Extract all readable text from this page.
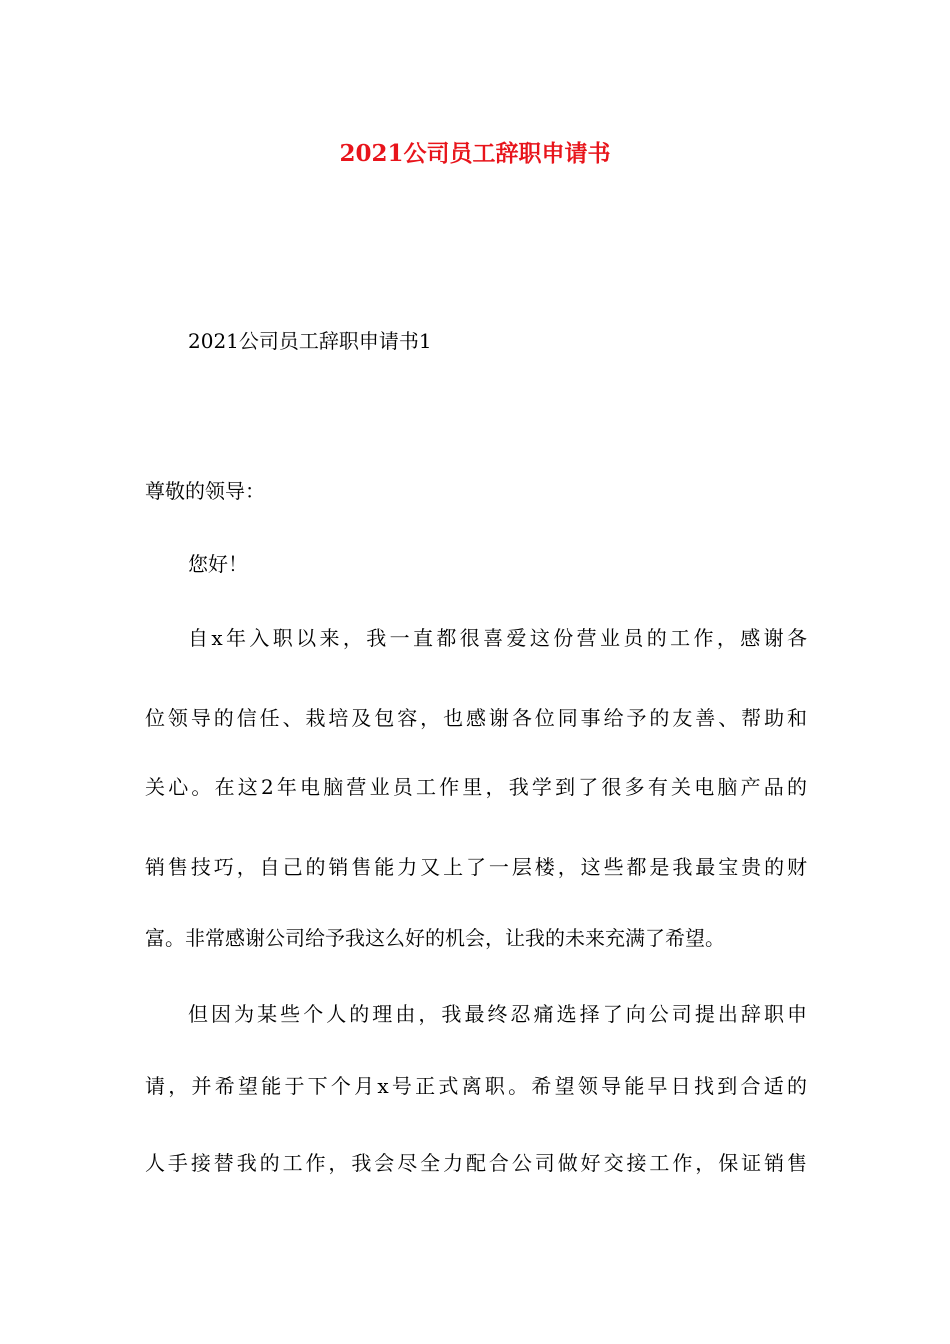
2021公司员工辞职申请书
2021公司员工辞职申请书1
尊敬的领导：
您好！
自x年入职以来，我一直都很喜爱这份营业员的工作，感谢各
位领导的信任、栽培及包容，也感谢各位同事给予的友善、帮助和
关心。在这2年电脑营业员工作里，我学到了很多有关电脑产品的
销售技巧，自己的销售能力又上了一层楼，这些都是我最宝贵的财
富。非常感谢公司给予我这么好的机会，让我的未来充满了希望。
但因为某些个人的理由，我最终忍痛选择了向公司提出辞职申
请，并希望能于下个月x号正式离职。希望领导能早日找到合适的
人手接替我的工作，我会尽全力配合公司做好交接工作，保证销售
